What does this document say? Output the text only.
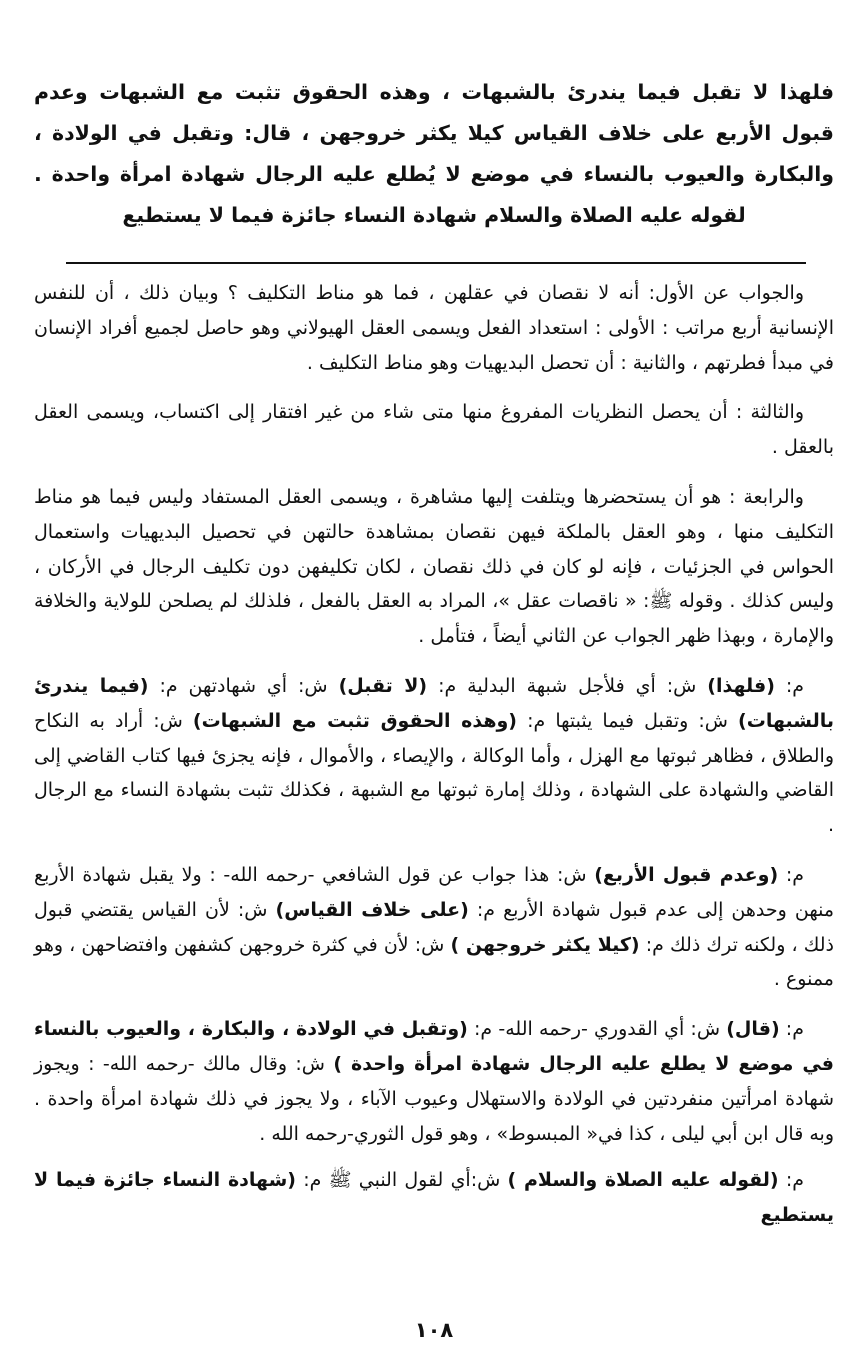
فلهذا لا تقبل فيما يندرئ بالشبهات ، وهذه الحقوق تثبت مع الشبهات وعدم قبول الأربع على خلاف القياس كيلا يكثر خروجهن ، قال: وتقبل في الولادة ، والبكارة والعيوب بالنساء في موضع لا يُطلع عليه الرجال شهادة امرأة واحدة . لقوله عليه الصلاة والسلام شهادة النساء جائزة فيما لا يستطيع

والجواب عن الأول: أنه لا نقصان في عقلهن ، فما هو مناط التكليف ؟ وبيان ذلك ، أن للنفس الإنسانية أربع مراتب : الأولى : استعداد الفعل ويسمى العقل الهيولاني وهو حاصل لجميع أفراد الإنسان في مبدأ فطرتهم ، والثانية : أن تحصل البديهيات وهو مناط التكليف .

والثالثة : أن يحصل النظريات المفروغ منها متى شاء من غير افتقار إلى اكتساب، ويسمى العقل بالعقل .

والرابعة : هو أن يستحضرها ويتلفت إليها مشاهرة ، ويسمى العقل المستفاد وليس فيما هو مناط التكليف منها ، وهو العقل بالملكة فيهن نقصان بمشاهدة حالتهن في تحصيل البديهيات واستعمال الحواس في الجزئيات ، فإنه لو كان في ذلك نقصان ، لكان تكليفهن دون تكليف الرجال في الأركان ، وليس كذلك . وقوله ﷺ: « ناقصات عقل »، المراد به العقل بالفعل ، فلذلك لم يصلحن للولاية والخلافة والإمارة ، وبهذا ظهر الجواب عن الثاني أيضاً ، فتأمل .

م: (فلهذا) ش: أي فلأجل شبهة البدلية م: (لا تقبل) ش: أي شهادتهن م: (فيما يندرئ بالشبهات) ش: وتقبل فيما يثبتها م: (وهذه الحقوق تثبت مع الشبهات) ش: أراد به النكاح والطلاق ، فظاهر ثبوتها مع الهزل ، وأما الوكالة ، والإيصاء ، والأموال ، فإنه يجزئ فيها كتاب القاضي إلى القاضي والشهادة على الشهادة ، وذلك إمارة ثبوتها مع الشبهة ، فكذلك تثبت بشهادة النساء مع الرجال .

م: (وعدم قبول الأربع) ش: هذا جواب عن قول الشافعي -رحمه الله- : ولا يقبل شهادة الأربع منهن وحدهن إلى عدم قبول شهادة الأربع م: (على خلاف القياس) ش: لأن القياس يقتضي قبول ذلك ، ولكنه ترك ذلك م: (كيلا يكثر خروجهن ) ش: لأن في كثرة خروجهن كشفهن وافتضاحهن ، وهو ممنوع .

م: (قال) ش: أي القدوري -رحمه الله- م: (وتقبل في الولادة ، والبكارة ، والعيوب بالنساء في موضع لا يطلع عليه الرجال شهادة امرأة واحدة ) ش: وقال مالك -رحمه الله- : ويجوز شهادة امرأتين منفردتين في الولادة والاستهلال وعيوب الآباء ، ولا يجوز في ذلك شهادة امرأة واحدة . وبه قال ابن أبي ليلى ، كذا في« المبسوط» ، وهو قول الثوري-رحمه الله .

م: (لقوله عليه الصلاة والسلام ) ش:أي لقول النبي ﷺ م: (شهادة النساء جائزة فيما لا يستطيع

١٠٨
